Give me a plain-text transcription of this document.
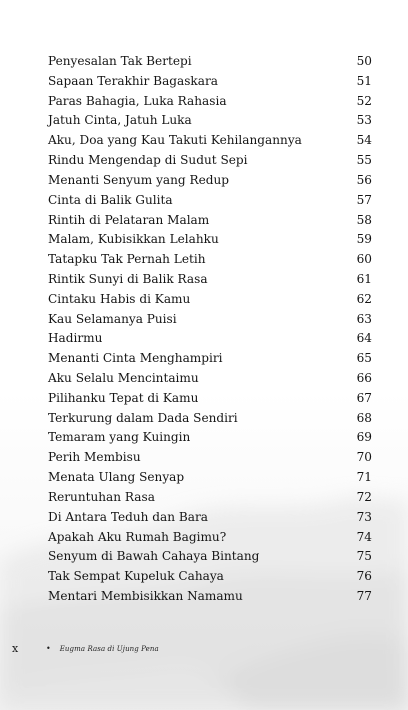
Penyesalan Tak Bertepi	50
Sapaan Terakhir Bagaskara	51
Paras Bahagia, Luka Rahasia	52
Jatuh Cinta, Jatuh Luka	53
Aku, Doa yang Kau Takuti Kehilangannya	54
Rindu Mengendap di Sudut Sepi	55
Menanti Senyum yang Redup	56
Cinta di Balik Gulita	57
Rintih di Pelataran Malam	58
Malam, Kubisikkan Lelahku	59
Tatapku Tak Pernah Letih	60
Rintik Sunyi di Balik Rasa	61
Cintaku Habis di Kamu	62
Kau Selamanya Puisi	63
Hadirmu	64
Menanti Cinta Menghampiri	65
Aku Selalu Mencintaimu	66
Pilihanku Tepat di Kamu	67
Terkurung dalam Dada Sendiri	68
Temaram yang Kuingin	69
Perih Membisu	70
Menata Ulang Senyap	71
Reruntuhan Rasa	72
Di Antara Teduh dan Bara	73
Apakah Aku Rumah Bagimu?	74
Senyum di Bawah Cahaya Bintang	75
Tak Sempat Kupeluk Cahaya	76
Mentari Membisikkan Namamu	77
x	• Eugma Rasa di Ujung Pena
